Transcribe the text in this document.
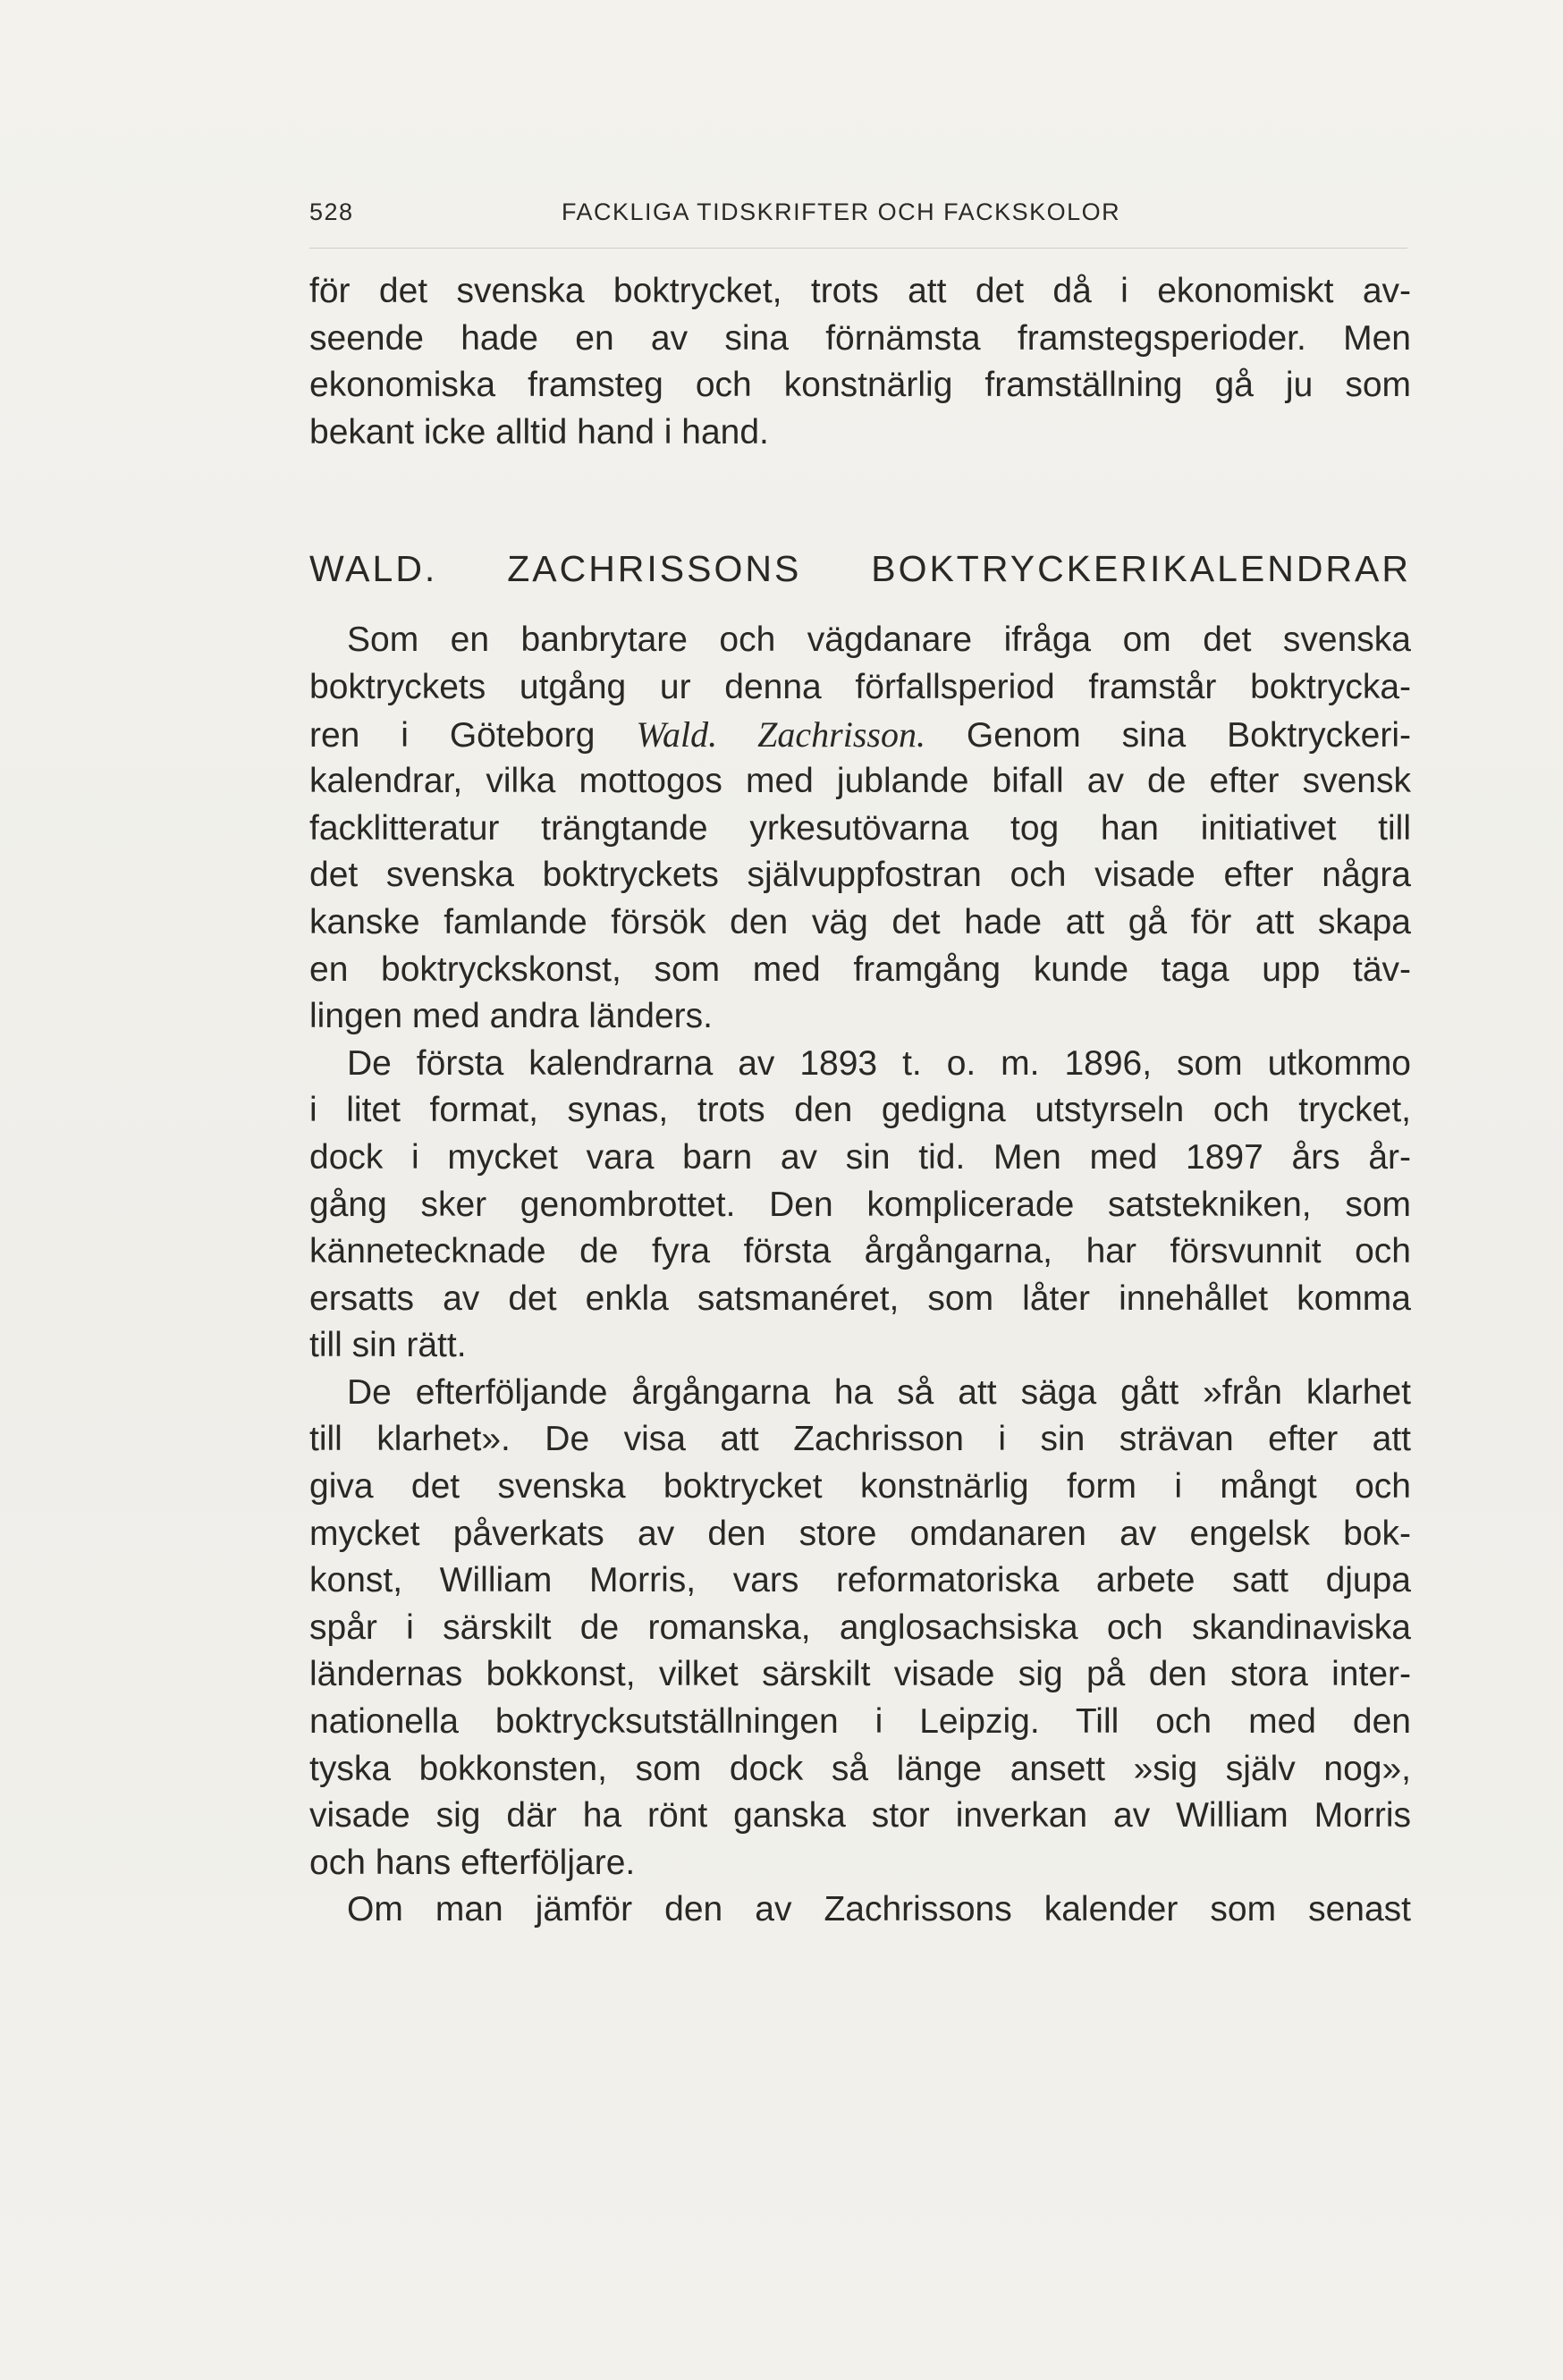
528	FACKLIGA TIDSKRIFTER OCH FACKSKOLOR
för det svenska boktrycket, trots att det då i ekonomiskt av-
seende hade en av sina förnämsta framstegsperioder. Men
ekonomiska framsteg och konstnärlig framställning gå ju som
bekant icke alltid hand i hand.
WALD. ZACHRISSONS BOKTRYCKERIKALENDRAR
Som en banbrytare och vägdanare ifråga om det svenska
boktryckets utgång ur denna förfallsperiod framstår boktrycka-
ren i Göteborg Wald. Zachrisson. Genom sina Boktryckeri-
kalendrar, vilka mottogos med jublande bifall av de efter svensk
facklitteratur trängtande yrkesutövarna tog han initiativet till
det svenska boktryckets självuppfostran och visade efter några
kanske famlande försök den väg det hade att gå för att skapa
en boktryckskonst, som med framgång kunde taga upp täv-
lingen med andra länders.
De första kalendrarna av 1893 t. o. m. 1896, som utkommo
i litet format, synas, trots den gedigna utstyrseln och trycket,
dock i mycket vara barn av sin tid. Men med 1897 års år-
gång sker genombrottet. Den komplicerade satstekniken, som
kännetecknade de fyra första årgångarna, har försvunnit och
ersatts av det enkla satsmanéret, som låter innehållet komma
till sin rätt.
De efterföljande årgångarna ha så att säga gått »från klarhet
till klarhet». De visa att Zachrisson i sin strävan efter att
giva det svenska boktrycket konstnärlig form i mångt och
mycket påverkats av den store omdanaren av engelsk bok-
konst, William Morris, vars reformatoriska arbete satt djupa
spår i särskilt de romanska, anglosachsiska och skandinaviska
ländernas bokkonst, vilket särskilt visade sig på den stora inter-
nationella boktrycksutställningen i Leipzig. Till och med den
tyska bokkonsten, som dock så länge ansett »sig själv nog»,
visade sig där ha rönt ganska stor inverkan av William Morris
och hans efterföljare.
Om man jämför den av Zachrissons kalender som senast
